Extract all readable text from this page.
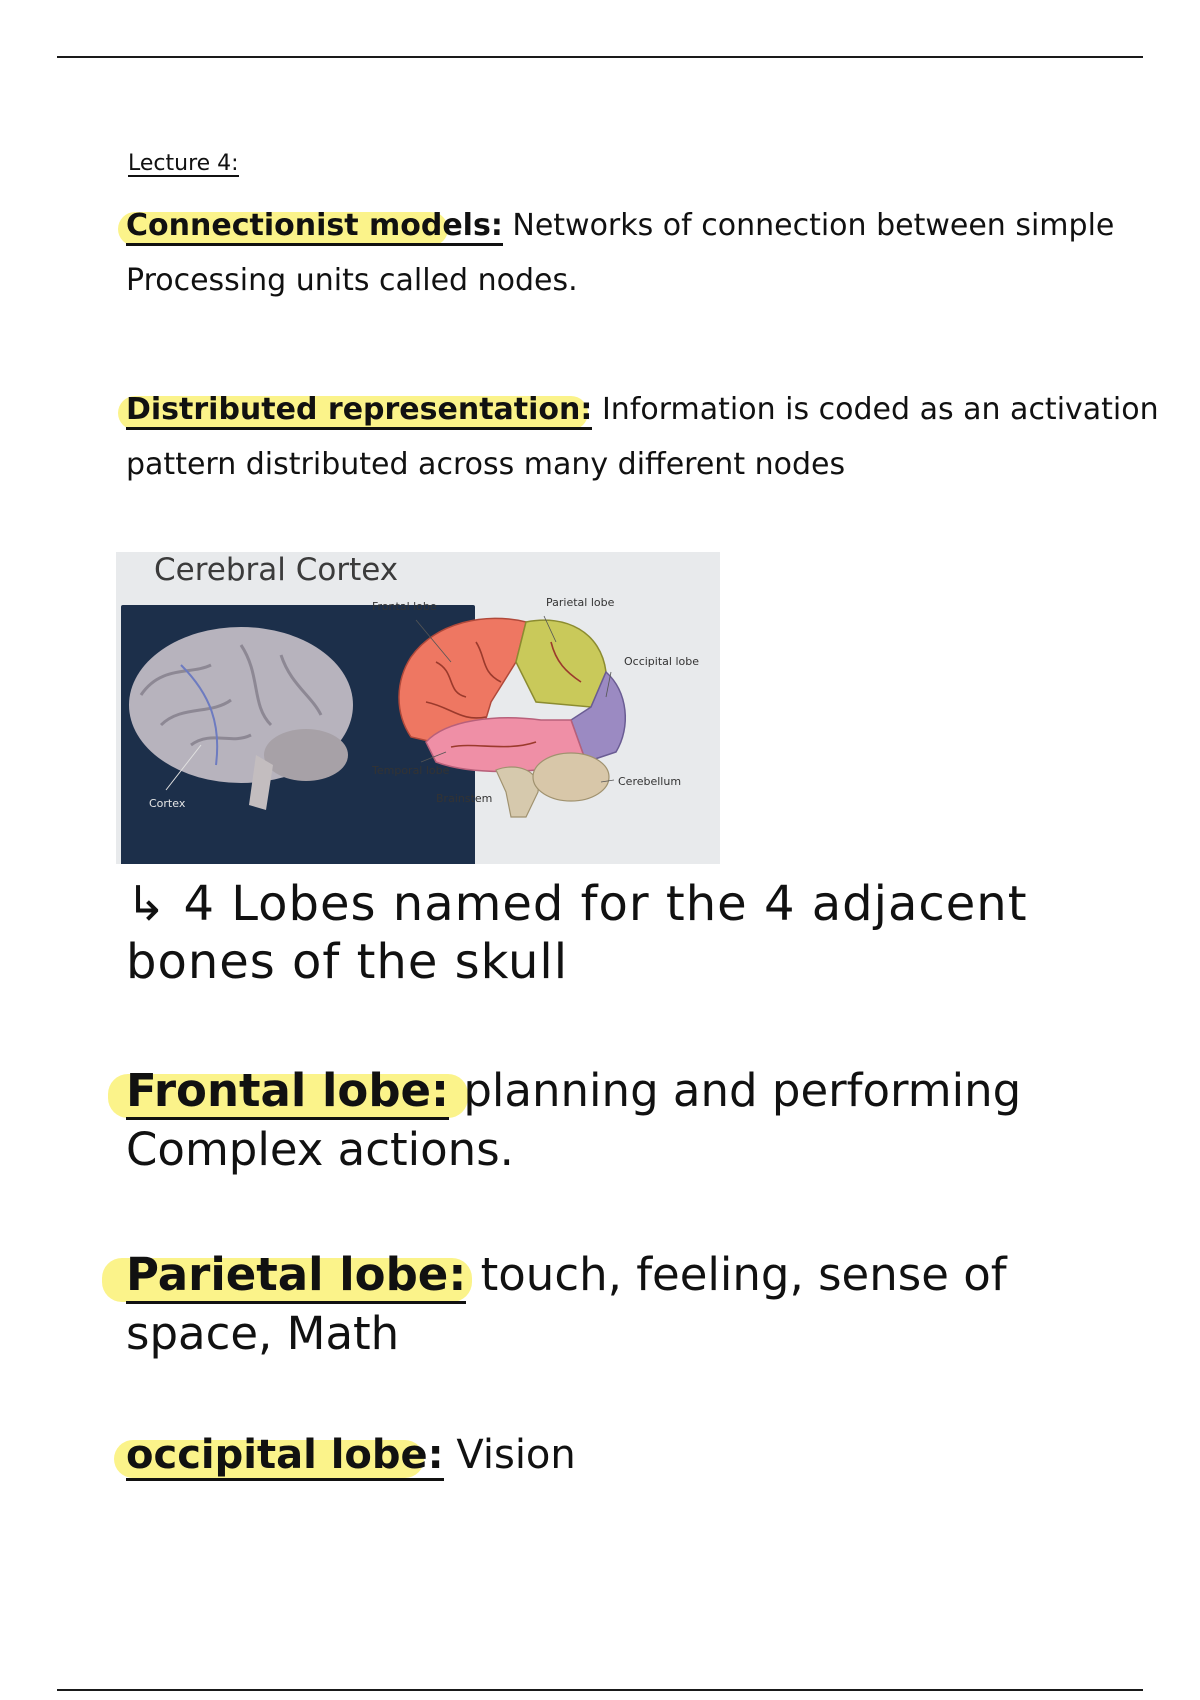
Lecture 4:
Connectionist models: Networks of connection between simple
Processing units called nodes.
Distributed representation: Information is coded as an activation
pattern distributed across many different nodes
Cerebral Cortex
Cortex
Frontal lobe	Parietal lobe
Occipital lobe
Temporal lobe
Brainstem
Cerebellum
↳ 4 Lobes named for the 4 adjacent
bones of the skull
Frontal lobe: planning and performing
Complex actions.
Parietal lobe: touch, feeling, sense of
space, Math
occipital lobe: Vision
